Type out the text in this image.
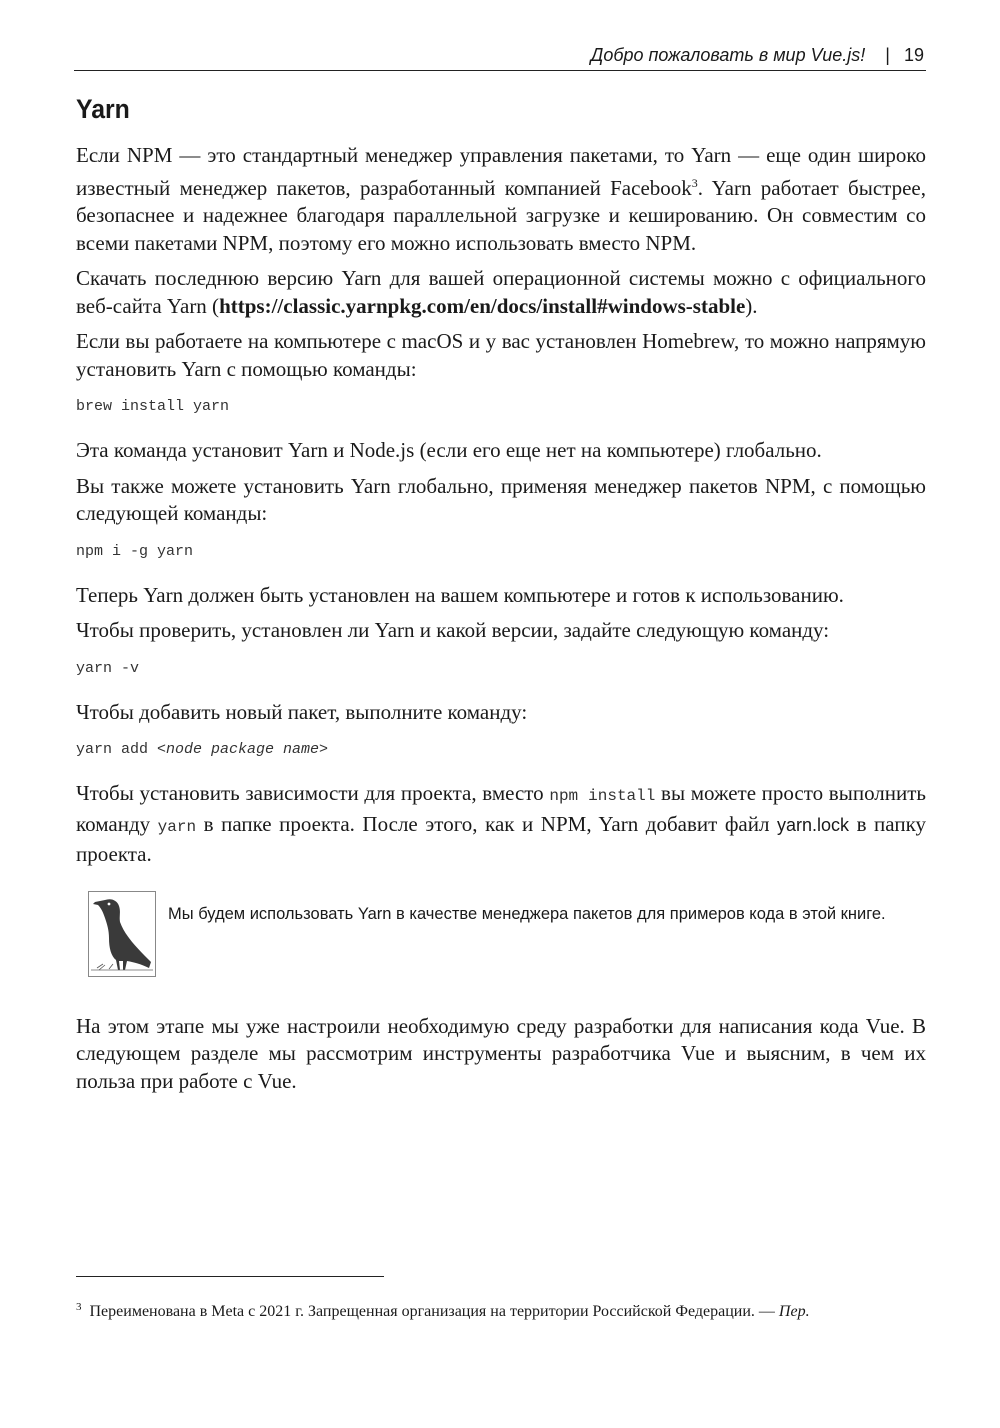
Добро пожаловать в мир Vue.js! | 19
Yarn

Если NPM — это стандартный менеджер управления пакетами, то Yarn — еще один широко известный менеджер пакетов, разработанный компанией Facebook$^3$. Yarn работает быстрее, безопаснее и надежнее благодаря параллельной загрузке и кешированию. Он совместим со всеми пакетами NPM, поэтому его можно использовать вместо NPM.

Скачать последнюю версию Yarn для вашей операционной системы можно с официального веб-сайта Yarn (https://classic.yarnpkg.com/en/docs/install#windows-stable).

Если вы работаете на компьютере с macOS и у вас установлен Homebrew, то можно напрямую установить Yarn с помощью команды:

brew install yarn

Эта команда установит Yarn и Node.js (если его еще нет на компьютере) глобально.

Вы также можете установить Yarn глобально, применяя менеджер пакетов NPM, с помощью следующей команды:

npm i -g yarn

Теперь Yarn должен быть установлен на вашем компьютере и готов к использованию.

Чтобы проверить, установлен ли Yarn и какой версии, задайте следующую команду:

yarn -v

Чтобы добавить новый пакет, выполните команду:

yarn add <node package name>

Чтобы установить зависимости для проекта, вместо npm install вы можете просто выполнить команду yarn в папке проекта. После этого, как и NPM, Yarn добавит файл yarn.lock в папку проекта.

Мы будем использовать Yarn в качестве менеджера пакетов для примеров кода в этой книге.

На этом этапе мы уже настроили необходимую среду разработки для написания кода Vue. В следующем разделе мы рассмотрим инструменты разработчика Vue и выясним, в чем их польза при работе с Vue.

$^3$ Переименована в Meta с 2021 г. Запрещенная организация на территории Российской Федерации. — Пер.
